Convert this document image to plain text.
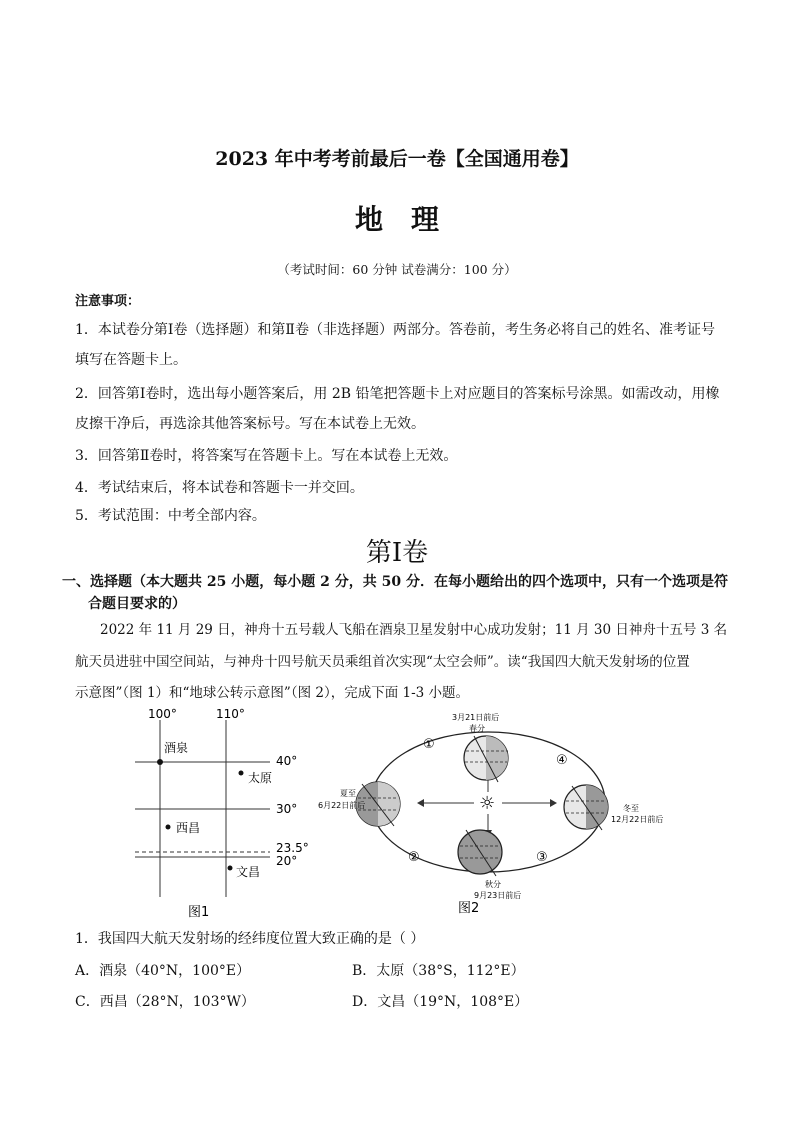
2023 年中考考前最后一卷【全国通用卷】
地理
（考试时间：60 分钟 试卷满分：100 分）
注意事项：
1．本试卷分第Ⅰ卷（选择题）和第Ⅱ卷（非选择题）两部分。答卷前，考生务必将自己的姓名、准考证号
填写在答题卡上。
2．回答第Ⅰ卷时，选出每小题答案后，用 2B 铅笔把答题卡上对应题目的答案标号涂黑。如需改动，用橡
皮擦干净后，再选涂其他答案标号。写在本试卷上无效。
3．回答第Ⅱ卷时，将答案写在答题卡上。写在本试卷上无效。
4．考试结束后，将本试卷和答题卡一并交回。
5．考试范围：中考全部内容。
第Ⅰ卷
一、选择题（本大题共 25 小题，每小题 2 分，共 50 分．在每小题给出的四个选项中，只有一个选项是符
合题目要求的）
2022 年 11 月 29 日，神舟十五号载人飞船在酒泉卫星发射中心成功发射；11 月 30 日神舟十五号 3 名
航天员进驻中国空间站，与神舟十四号航天员乘组首次实现“太空会师”。读“我国四大航天发射场的位置
示意图”（图 1）和“地球公转示意图”（图 2），完成下面 1-3 小题。
100°	110°
40°
30°
23.5°
20°
酒泉
太原
西昌
文昌
图1
☼
3月21日前后
春分
夏至
6月22日前后	冬至
12月22日前后
秋分
9月23日前后
①
②	③
④
图2
1．我国四大航天发射场的经纬度位置大致正确的是（ ）
A．酒泉（40°N，100°E）	B．太原（38°S，112°E）
C．西昌（28°N，103°W）	D．文昌（19°N，108°E）
